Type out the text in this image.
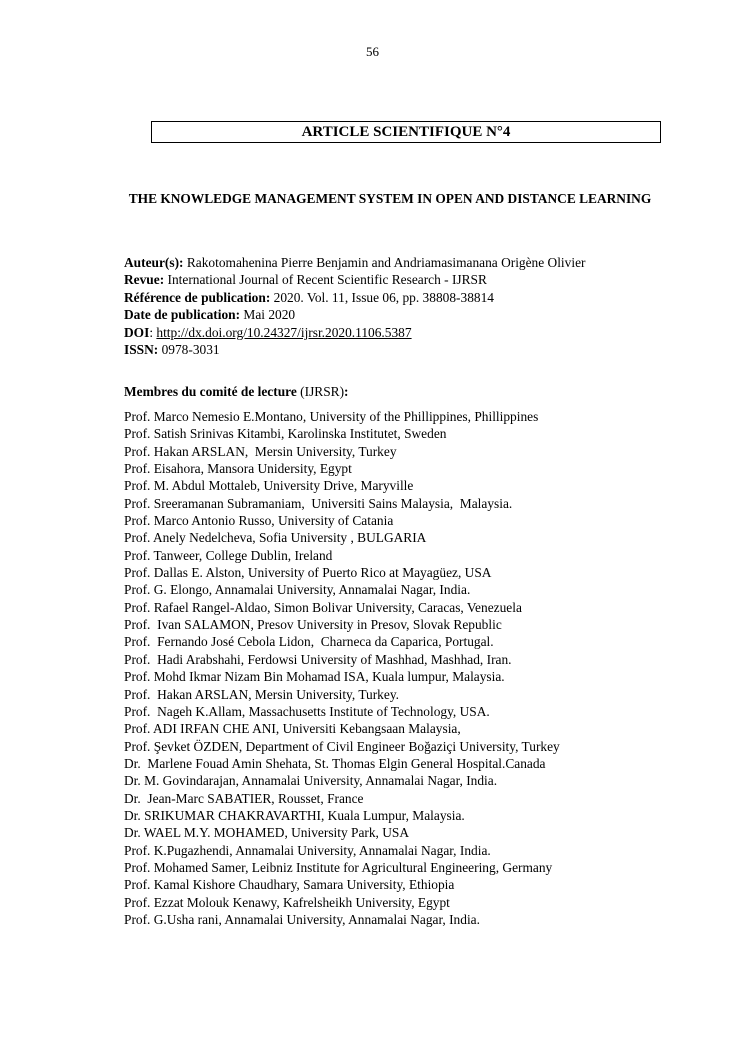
56
ARTICLE SCIENTIFIQUE N°4
THE KNOWLEDGE MANAGEMENT SYSTEM IN OPEN AND DISTANCE LEARNING
Auteur(s): Rakotomahenina Pierre Benjamin and Andriamasimanana Origène Olivier
Revue: International Journal of Recent Scientific Research - IJRSR
Référence de publication: 2020. Vol. 11, Issue 06, pp. 38808-38814
Date de publication: Mai 2020
DOI: http://dx.doi.org/10.24327/ijrsr.2020.1106.5387
ISSN: 0978-3031
Membres du comité de lecture (IJRSR):
Prof. Marco Nemesio E.Montano, University of the Phillippines, Phillippines
Prof. Satish Srinivas Kitambi, Karolinska Institutet, Sweden
Prof. Hakan ARSLAN,  Mersin University, Turkey
Prof. Eisahora, Mansora Unidersity, Egypt
Prof. M. Abdul Mottaleb, University Drive, Maryville
Prof. Sreeramanan Subramaniam,  Universiti Sains Malaysia,  Malaysia.
Prof. Marco Antonio Russo, University of Catania
Prof. Anely Nedelcheva, Sofia University , BULGARIA
Prof. Tanweer, College Dublin, Ireland
Prof. Dallas E. Alston, University of Puerto Rico at Mayagüez, USA
Prof. G. Elongo, Annamalai University, Annamalai Nagar, India.
Prof. Rafael Rangel-Aldao, Simon Bolivar University, Caracas, Venezuela
Prof.  Ivan SALAMON, Presov University in Presov, Slovak Republic
Prof.  Fernando José Cebola Lidon,  Charneca da Caparica, Portugal.
Prof.  Hadi Arabshahi, Ferdowsi University of Mashhad, Mashhad, Iran.
Prof. Mohd Ikmar Nizam Bin Mohamad ISA, Kuala lumpur, Malaysia.
Prof.  Hakan ARSLAN, Mersin University, Turkey.
Prof.  Nageh K.Allam, Massachusetts Institute of Technology, USA.
Prof. ADI IRFAN CHE ANI, Universiti Kebangsaan Malaysia,
Prof. Şevket ÖZDEN, Department of Civil Engineer Boğaziçi University, Turkey
Dr.  Marlene Fouad Amin Shehata, St. Thomas Elgin General Hospital.Canada
Dr. M. Govindarajan, Annamalai University, Annamalai Nagar, India.
Dr.  Jean-Marc SABATIER, Rousset, France
Dr. SRIKUMAR CHAKRAVARTHI, Kuala Lumpur, Malaysia.
Dr. WAEL M.Y. MOHAMED, University Park, USA
Prof. K.Pugazhendi, Annamalai University, Annamalai Nagar, India.
Prof. Mohamed Samer, Leibniz Institute for Agricultural Engineering, Germany
Prof. Kamal Kishore Chaudhary, Samara University, Ethiopia
Prof. Ezzat Molouk Kenawy, Kafrelsheikh University, Egypt
Prof. G.Usha rani, Annamalai University, Annamalai Nagar, India.
